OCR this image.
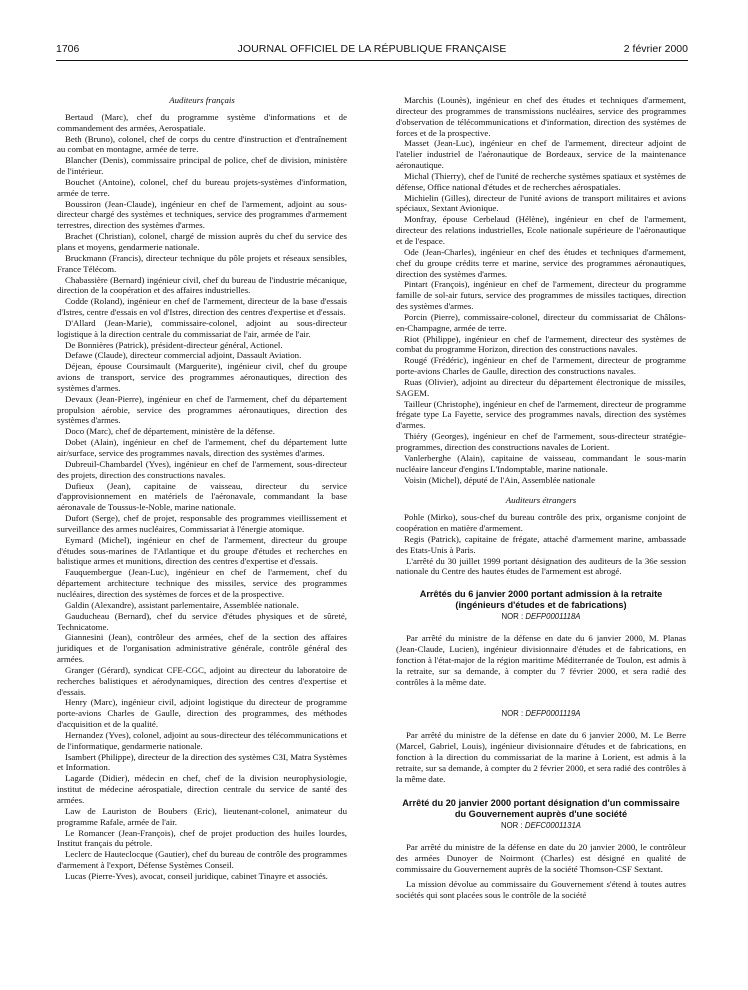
JOURNAL OFFICIEL DE LA RÉPUBLIQUE FRANÇAISE
1706	2 février 2000

Auditeurs français

Bertaud (Marc), chef du programme système d'informations et de commandement des armées, Aerospatiale.

Beth (Bruno), colonel, chef de corps du centre d'instruction et d'entraînement au combat en montagne, armée de terre.

Blancher (Denis), commissaire principal de police, chef de division, ministère de l'intérieur.

Bouchet (Antoine), colonel, chef du bureau projets-systèmes d'information, armée de terre.

Boussiron (Jean-Claude), ingénieur en chef de l'armement, adjoint au sous-directeur chargé des systèmes et techniques, service des programmes d'armement terrestres, direction des systèmes d'armes.

Brachet (Christian), colonel, chargé de mission auprès du chef du service des plans et moyens, gendarmerie nationale.

Bruckmann (Francis), directeur technique du pôle projets et réseaux sensibles, France Télécom.

Chabassière (Bernard) ingénieur civil, chef du bureau de l'industrie mécanique, direction de la coopération et des affaires industrielles.

Codde (Roland), ingénieur en chef de l'armement, directeur de la base d'essais d'Istres, centre d'essais en vol d'Istres, direction des centres d'expertise et d'essais.

D'Allard (Jean-Marie), commissaire-colonel, adjoint au sous-directeur logistique à la direction centrale du commissariat de l'air, armée de l'air.

De Bonnières (Patrick), président-directeur général, Actionel.

Defawe (Claude), directeur commercial adjoint, Dassault Aviation.

Déjean, épouse Coursimault (Marguerite), ingénieur civil, chef du groupe avions de transport, service des programmes aéronautiques, direction des systèmes d'armes.

Devaux (Jean-Pierre), ingénieur en chef de l'armement, chef du département propulsion aérobie, service des programmes aéronautiques, direction des systèmes d'armes.

Doco (Marc), chef de département, ministère de la défense.

Dobet (Alain), ingénieur en chef de l'armement, chef du département lutte air/surface, service des programmes navals, direction des systèmes d'armes.

Dubreuil-Chambardel (Yves), ingénieur en chef de l'armement, sous-directeur des projets, direction des constructions navales.

Dufieux (Jean), capitaine de vaisseau, directeur du service d'approvisionnement en matériels de l'aéronavale, commandant la base aéronavale de Toussus-le-Noble, marine nationale.

Dufort (Serge), chef de projet, responsable des programmes vieillissement et surveillance des armes nucléaires, Commissariat à l'énergie atomique.

Eymard (Michel), ingénieur en chef de l'armement, directeur du groupe d'études sous-marines de l'Atlantique et du groupe d'études et recherches en balistique armes et munitions, direction des centres d'expertise et d'essais.

Fauquembergue (Jean-Luc), ingénieur en chef de l'armement, chef du département architecture technique des missiles, service des programmes nucléaires, direction des systèmes de forces et de la prospective.

Galdin (Alexandre), assistant parlementaire, Assemblée nationale.

Gauducheau (Bernard), chef du service d'études physiques et de sûreté, Technicatome.

Giannesini (Jean), contrôleur des armées, chef de la section des affaires juridiques et de l'organisation administrative générale, contrôle général des armées.

Granger (Gérard), syndicat CFE-CGC, adjoint au directeur du laboratoire de recherches balistiques et aérodynamiques, direction des centres d'expertise et d'essais.

Henry (Marc), ingénieur civil, adjoint logistique du directeur de programme porte-avions Charles de Gaulle, direction des programmes, des méthodes d'acquisition et de la qualité.

Hernandez (Yves), colonel, adjoint au sous-directeur des télécommunications et de l'informatique, gendarmerie nationale.

Isambert (Philippe), directeur de la direction des systèmes C3I, Matra Systèmes et Information.

Lagarde (Didier), médecin en chef, chef de la division neurophysiologie, institut de médecine aérospatiale, direction centrale du service de santé des armées.

Law de Lauriston de Boubers (Eric), lieutenant-colonel, animateur du programme Rafale, armée de l'air.

Le Romancer (Jean-François), chef de projet production des huiles lourdes, Institut français du pétrole.

Leclerc de Hauteclocque (Gautier), chef du bureau de contrôle des programmes d'armement à l'export, Défense Systèmes Conseil.

Lucas (Pierre-Yves), avocat, conseil juridique, cabinet Tinayre et associés.

Marchis (Lounès), ingénieur en chef des études et techniques d'armement, directeur des programmes de transmissions nucléaires, service des programmes d'observation de télécommunications et d'information, direction des systèmes de forces et de la prospective.

Masset (Jean-Luc), ingénieur en chef de l'armement, directeur adjoint de l'atelier industriel de l'aéronautique de Bordeaux, service de la maintenance aéronautique.

Michal (Thierry), chef de l'unité de recherche systèmes spatiaux et systèmes de défense, Office national d'études et de recherches aérospatiales.

Michielin (Gilles), directeur de l'unité avions de transport militaires et avions spéciaux, Sextant Avionique.

Monfray, épouse Cerbelaud (Hélène), ingénieur en chef de l'armement, directeur des relations industrielles, Ecole nationale supérieure de l'aéronautique et de l'espace.

Ode (Jean-Charles), ingénieur en chef des études et techniques d'armement, chef du groupe crédits terre et marine, service des programmes aéronautiques, direction des systèmes d'armes.

Pintart (François), ingénieur en chef de l'armement, directeur du programme famille de sol-air futurs, service des programmes de missiles tactiques, direction des systèmes d'armes.

Porcin (Pierre), commissaire-colonel, directeur du commissariat de Châlons-en-Champagne, armée de terre.

Riot (Philippe), ingénieur en chef de l'armement, directeur des systèmes de combat du programme Horizon, direction des constructions navales.

Rougé (Frédéric), ingénieur en chef de l'armement, directeur de programme porte-avions Charles de Gaulle, direction des constructions navales.

Ruas (Olivier), adjoint au directeur du département électronique de missiles, SAGEM.

Tailleur (Christophe), ingénieur en chef de l'armement, directeur de programme frégate type La Fayette, service des programmes navals, direction des systèmes d'armes.

Thiéry (Georges), ingénieur en chef de l'armement, sous-directeur stratégie-programmes, direction des constructions navales de Lorient.

Vanlerberghe (Alain), capitaine de vaisseau, commandant le sous-marin nucléaire lanceur d'engins L'Indomptable, marine nationale.

Voisin (Michel), député de l'Ain, Assemblée nationale

Auditeurs étrangers

Pohle (Mirko), sous-chef du bureau contrôle des prix, organisme conjoint de coopération en matière d'armement.

Regis (Patrick), capitaine de frégate, attaché d'armement marine, ambassade des Etats-Unis à Paris.

L'arrêté du 30 juillet 1999 portant désignation des auditeurs de la 36e session nationale du Centre des hautes études de l'armement est abrogé.

Arrêtés du 6 janvier 2000 portant admission à la retraite (ingénieurs d'études et de fabrications)

NOR : DEFP0001118A

Par arrêté du ministre de la défense en date du 6 janvier 2000, M. Planas (Jean-Claude, Lucien), ingénieur divisionnaire d'études et de fabrications, en fonction à l'état-major de la région maritime Méditerranée de Toulon, est admis à la retraite, sur sa demande, à compter du 7 février 2000, et sera radié des contrôles à la même date.

NOR : DEFP0001119A

Par arrêté du ministre de la défense en date du 6 janvier 2000, M. Le Berre (Marcel, Gabriel, Louis), ingénieur divisionnaire d'études et de fabrications, en fonction à la direction du commissariat de la marine à Lorient, est admis à la retraite, sur sa demande, à compter du 2 février 2000, et sera radié des contrôles à la même date.

Arrêté du 20 janvier 2000 portant désignation d'un commissaire du Gouvernement auprès d'une société

NOR : DEFC0001131A

Par arrêté du ministre de la défense en date du 20 janvier 2000, le contrôleur des armées Dunoyer de Noirmont (Charles) est désigné en qualité de commissaire du Gouvernement auprès de la société Thomson-CSF Sextant.

La mission dévolue au commissaire du Gouvernement s'étend à toutes autres sociétés qui sont placées sous le contrôle de la société
